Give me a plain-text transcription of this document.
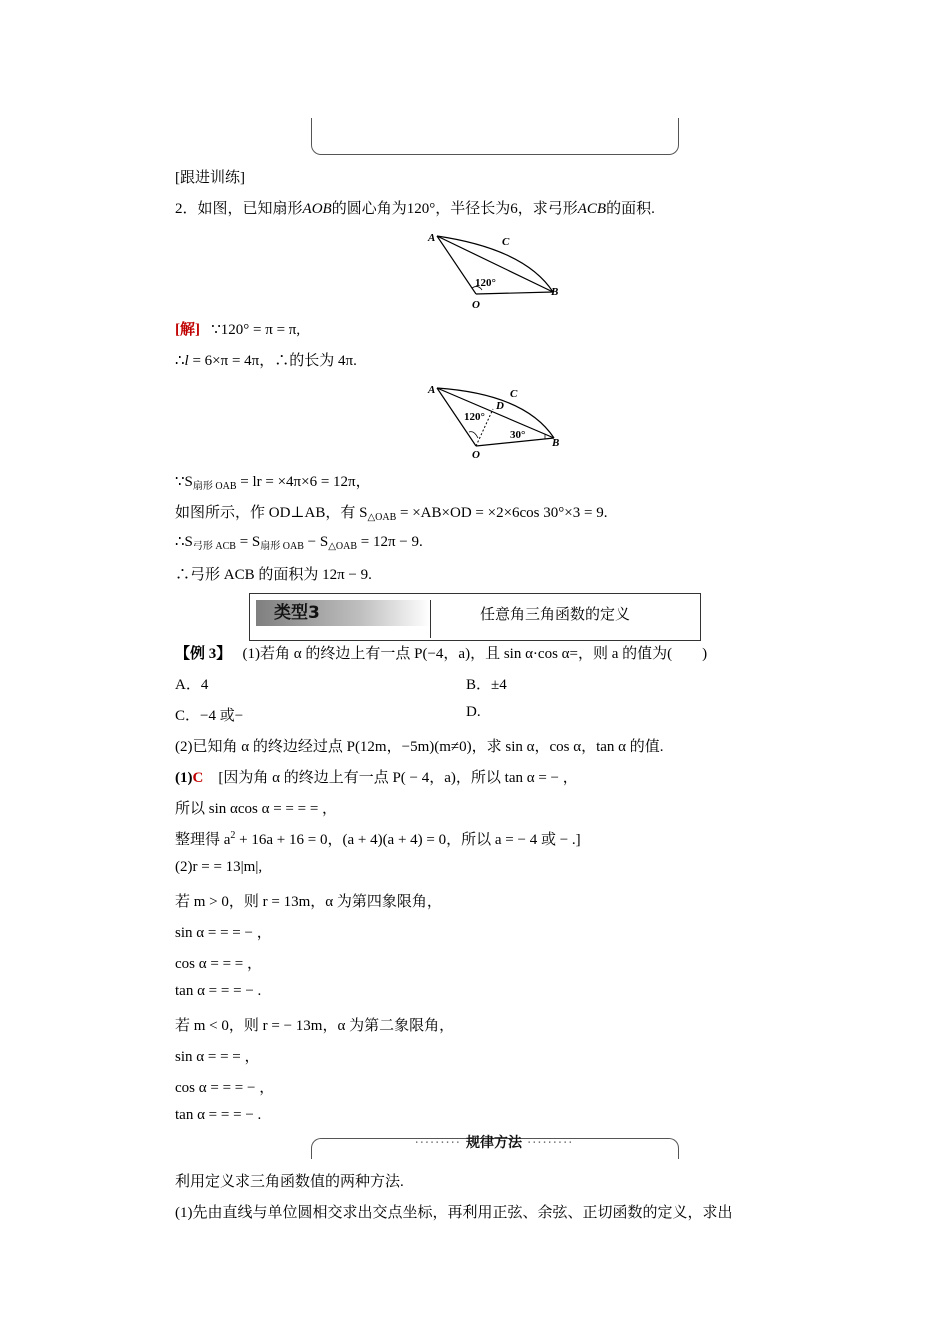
[跟进训练]
2．如图，已知扇形AOB的圆心角为120°，半径长为6，求弓形ACB的面积.
A	C
O
B
120°
[解] ∵120° = π = π,
∴l = 6×π = 4π，∴的长为 4π.
A	C
D
O
B
120°
30°
$\because S_{扇形 OAB}$ = lr = ×4π×6 = 12π，
如图所示，作 OD⊥AB，有 $S_{\triangle OAB} = \times AB\times OD = \times 2\times 6\cos$ 30°×3 = 9.
$\therefore S_{弓形 ACB} = S_{扇形 OAB} - S_{\triangle OAB} = 12\pi - 9$.
∴弓形 ACB 的面积为 12π − 9.
类型3	任意角三角函数的定义
【例 3】 (1)若角 α 的终边上有一点 P(−4，a)，且 sin α·cos α=，则 a 的值为(　　)
A．4	B．±4
C．−4 或−	D.
(2)已知角 α 的终边经过点 P(12m，−5m)(m≠0)，求 sin α，cos α，tan α 的值.
(1)C　[因为角 α 的终边上有一点 P( − 4，a)，所以 tan α = − ，
所以 sin αcos α = = = = ，
整理得 $a^2 + 16a + 16 = 0$，(a + 4)(a + 4) = 0，所以 a = − 4 或 − .]
(2)r = = 13|m|,
若 m > 0，则 r = 13m，α 为第四象限角，
sin α = = = − ，
cos α = = = ，
tan α = = = − .
若 m < 0，则 r = − 13m，α 为第二象限角，
sin α = = = ，
cos α = = = − ，
tan α = = = − .
········· 规律方法 ·········
利用定义求三角函数值的两种方法.
(1)先由直线与单位圆相交求出交点坐标，再利用正弦、余弦、正切函数的定义，求出
